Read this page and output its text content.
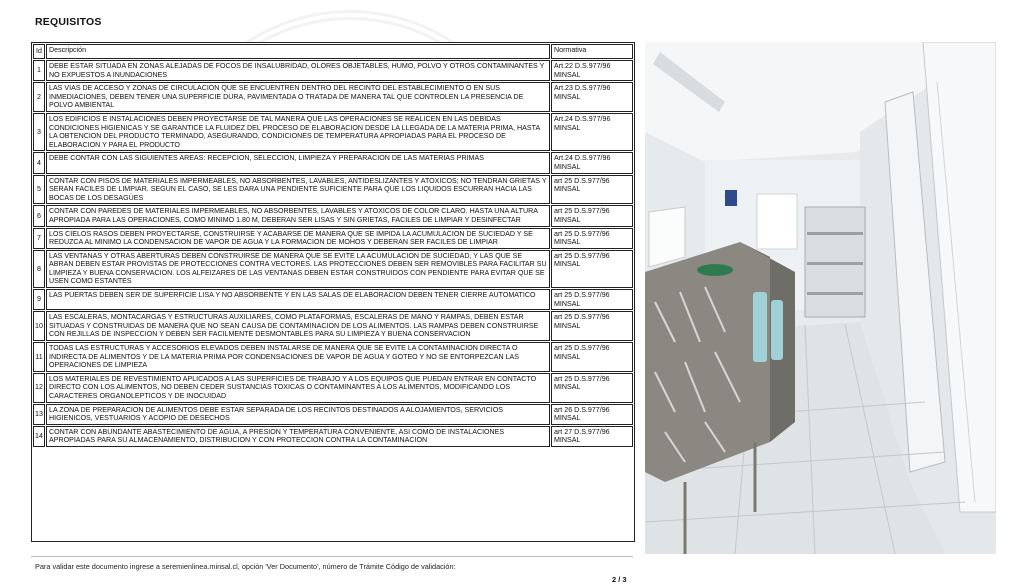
REQUISITOS
Id	Descripción	Normativa
1	DEBE ESTAR SITUADA EN ZONAS ALEJADAS DE FOCOS DE INSALUBRIDAD, OLORES OBJETABLES, HUMO, POLVO Y OTROS CONTAMINANTES Y NO EXPUESTOS A INUNDACIONES	Art.22 D.S.977/96 MINSAL
2	LAS VIAS DE ACCESO Y ZONAS DE CIRCULACION QUE SE ENCUENTREN DENTRO DEL RECINTO DEL ESTABLECIMIENTO O EN SUS INMEDIACIONES, DEBEN TENER UNA SUPERFICIE DURA, PAVIMENTADA O TRATADA DE MANERA TAL QUE CONTROLEN LA PRESENCIA DE POLVO AMBIENTAL	Art.23 D.S.977/96 MINSAL
3	LOS EDIFICIOS E INSTALACIONES DEBEN PROYECTARSE DE TAL MANERA QUE LAS OPERACIONES SE REALICEN EN LAS DEBIDAS CONDICIONES HIGIENICAS Y SE GARANTICE LA FLUIDEZ DEL PROCESO DE ELABORACION DESDE LA LLEGADA DE LA MATERIA PRIMA, HASTA LA OBTENCION DEL PRODUCTO TERMINADO, ASEGURANDO, CONDICIONES DE TEMPERATURA APROPIADAS PARA EL PROCESO DE ELABORACION Y PARA EL PRODUCTO	Art.24 D.S.977/96 MINSAL
4	DEBE CONTAR CON LAS SIGUIENTES AREAS: RECEPCION, SELECCION, LIMPIEZA Y PREPARACION DE LAS MATERIAS PRIMAS	Art.24 D.S.977/96 MINSAL
5	CONTAR CON PISOS DE MATERIALES IMPERMEABLES, NO ABSORBENTES, LAVABLES, ANTIDESLIZANTES Y ATOXICOS; NO TENDRAN GRIETAS Y SERAN FACILES DE LIMPIAR. SEGUN EL CASO, SE LES DARA UNA PENDIENTE SUFICIENTE PARA QUE LOS LIQUIDOS ESCURRAN HACIA LAS BOCAS DE LOS DESAGÜES	art 25 D.S.977/96 MINSAL
6	CONTAR CON PAREDES DE MATERIALES IMPERMEABLES, NO ABSORBENTES, LAVABLES Y ATOXICOS DE COLOR CLARO. HASTA UNA ALTURA APROPIADA PARA LAS OPERACIONES, COMO MINIMO 1.80 M, DEBERAN SER LISAS Y SIN GRIETAS, FACILES DE LIMPIAR Y DESINFECTAR	art 25 D.S.977/96 MINSAL
7	LOS CIELOS RASOS DEBEN PROYECTARSE, CONSTRUIRSE Y ACABARSE DE MANERA QUE SE IMPIDA LA ACUMULACION DE SUCIEDAD Y SE REDUZCA AL MINIMO LA CONDENSACION DE VAPOR DE AGUA Y LA FORMACION DE MOHOS Y DEBERAN SER FACILES DE LIMPIAR	art 25 D.S.977/96 MINSAL
8	LAS VENTANAS Y OTRAS ABERTURAS DEBEN CONSTRUIRSE DE MANERA QUE SE EVITE LA ACUMULACION DE SUCIEDAD, Y LAS QUE SE ABRAN DEBEN ESTAR PROVISTAS DE PROTECCIONES CONTRA VECTORES. LAS PROTECCIONES DEBEN SER REMOVIBLES PARA FACILITAR SU LIMPIEZA Y BUENA CONSERVACION. LOS ALFEIZARES DE LAS VENTANAS DEBEN ESTAR CONSTRUIDOS CON PENDIENTE PARA EVITAR QUE SE USEN COMO ESTANTES	art 25 D.S.977/96 MINSAL
9	LAS PUERTAS DEBEN SER DE SUPERFICIE LISA Y NO ABSORBENTE Y EN LAS SALAS DE ELABORACION DEBEN TENER CIERRE AUTOMATICO	art 25 D.S.977/96 MINSAL
10	LAS ESCALERAS, MONTACARGAS Y ESTRUCTURAS AUXILIARES, COMO PLATAFORMAS, ESCALERAS DE MANO Y RAMPAS, DEBEN ESTAR SITUADAS Y CONSTRUIDAS DE MANERA QUE NO SEAN CAUSA DE CONTAMINACION DE LOS ALIMENTOS. LAS RAMPAS DEBEN CONSTRUIRSE CON REJILLAS DE INSPECCION Y DEBEN SER FACILMENTE DESMONTABLES PARA SU LIMPIEZA Y BUENA CONSERVACION	art 25 D.S.977/96 MINSAL
11	TODAS LAS ESTRUCTURAS Y ACCESORIOS ELEVADOS DEBEN INSTALARSE DE MANERA QUE SE EVITE LA CONTAMINACION DIRECTA O INDIRECTA DE ALIMENTOS Y DE LA MATERIA PRIMA POR CONDENSACIONES DE VAPOR DE AGUA Y GOTEO Y NO SE ENTORPEZCAN LAS OPERACIONES DE LIMPIEZA	art 25 D.S.977/96 MINSAL
12	LOS MATERIALES DE REVESTIMIENTO APLICADOS A LAS SUPERFICIES DE TRABAJO Y A LOS EQUIPOS QUE PUEDAN ENTRAR EN CONTACTO DIRECTO CON LOS ALIMENTOS, NO DEBEN CEDER SUSTANCIAS TOXICAS O CONTAMINANTES A LOS ALIMENTOS, MODIFICANDO LOS CARACTERES ORGANOLEPTICOS Y DE INOCUIDAD	art 25 D.S.977/96 MINSAL
13	LA ZONA DE PREPARACION DE ALIMENTOS DEBE ESTAR SEPARADA DE LOS RECINTOS DESTINADOS A ALOJAMIENTOS, SERVICIOS HIGIENICOS, VESTUARIOS Y ACOPIO DE DESECHOS	art 26 D.S.977/96 MINSAL
14	CONTAR CON ABUNDANTE ABASTECIMIENTO DE AGUA, A PRESION Y TEMPERATURA CONVENIENTE, ASI COMO DE INSTALACIONES APROPIADAS PARA SU ALMACENAMIENTO, DISTRIBUCION Y CON PROTECCION CONTRA LA CONTAMINACION	art 27 D.S.977/96 MINSAL
Para validar este documento ingrese a seremienlinea.minsal.cl, opción 'Ver Documento', número de Trámite Código de validación:
2 / 3
